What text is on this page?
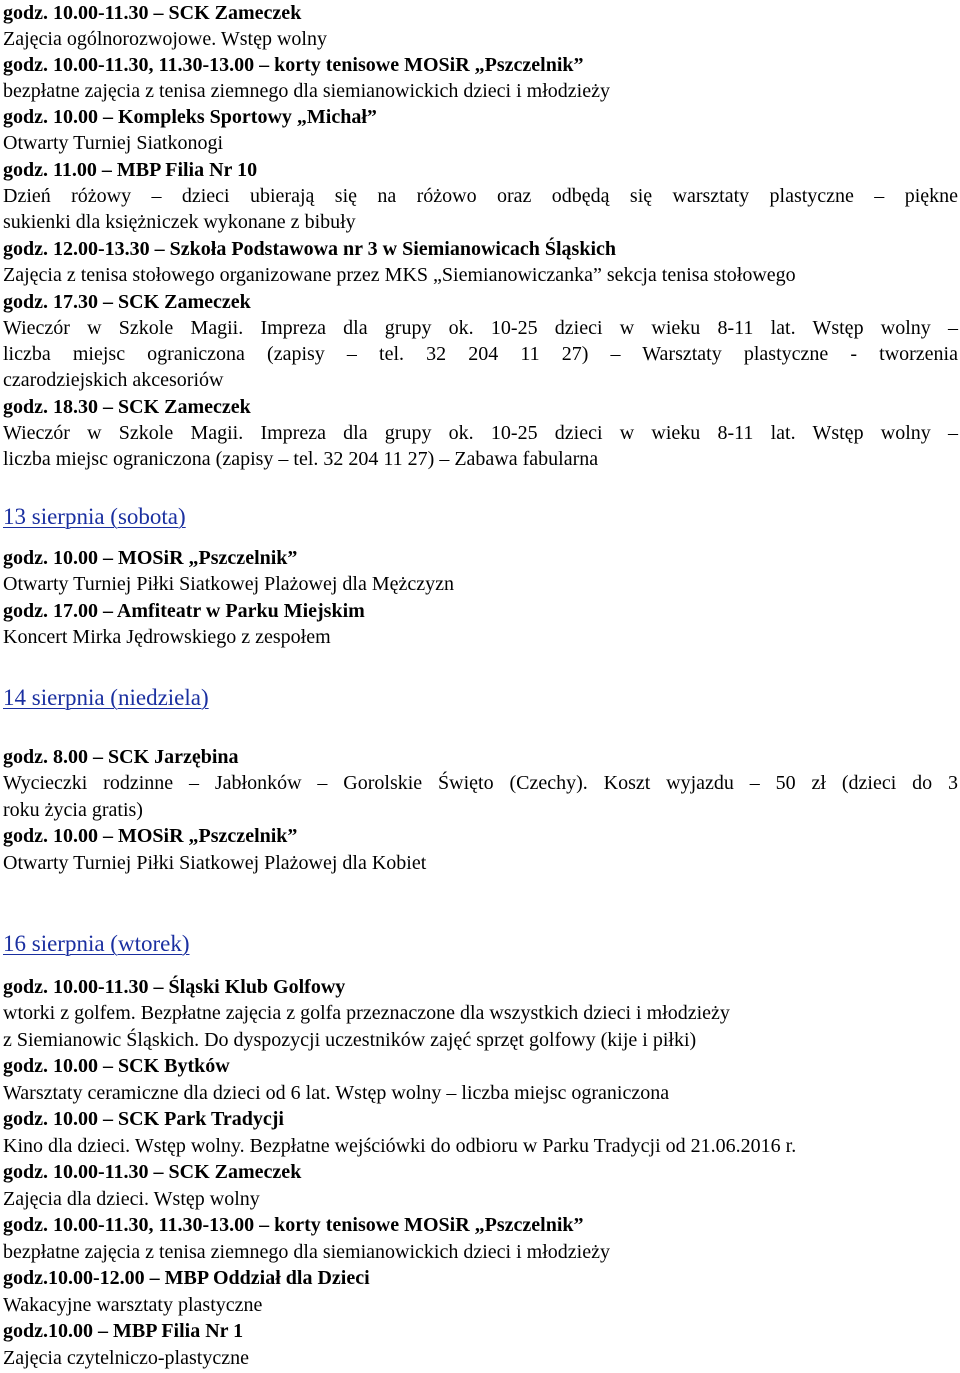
godz. 10.00-11.30 – SCK Zameczek

Zajęcia ogólnorozwojowe. Wstęp wolny

godz. 10.00-11.30, 11.30-13.00 – korty tenisowe MOSiR „Pszczelnik”

bezpłatne zajęcia z tenisa ziemnego dla siemianowickich dzieci i młodzieży

godz. 10.00 – Kompleks Sportowy „Michał”

Otwarty Turniej Siatkonogi

godz. 11.00 – MBP Filia Nr 10

Dzień różowy – dzieci ubierają się na różowo oraz odbędą się warsztaty plastyczne – piękne

sukienki dla księżniczek wykonane z bibuły

godz. 12.00-13.30 – Szkoła Podstawowa nr 3 w Siemianowicach Śląskich

Zajęcia z tenisa stołowego organizowane przez MKS „Siemianowiczanka” sekcja tenisa stołowego

godz. 17.30 – SCK Zameczek

Wieczór w Szkole Magii. Impreza dla grupy ok. 10-25 dzieci w wieku 8-11 lat. Wstęp wolny –

liczba miejsc ograniczona (zapisy – tel. 32 204 11 27) – Warsztaty plastyczne - tworzenia

czarodziejskich akcesoriów

godz. 18.30 – SCK Zameczek

Wieczór w Szkole Magii. Impreza dla grupy ok. 10-25 dzieci w wieku 8-11 lat. Wstęp wolny –

liczba miejsc ograniczona (zapisy – tel. 32 204 11 27) – Zabawa fabularna

13 sierpnia (sobota)

godz. 10.00 – MOSiR „Pszczelnik”

Otwarty Turniej Piłki Siatkowej Plażowej dla Mężczyzn

godz. 17.00 – Amfiteatr w Parku Miejskim

Koncert Mirka Jędrowskiego z zespołem

14 sierpnia (niedziela)

godz. 8.00 – SCK Jarzębina

Wycieczki rodzinne – Jabłonków – Gorolskie Święto (Czechy). Koszt wyjazdu – 50 zł (dzieci do 3

roku życia gratis)

godz. 10.00 – MOSiR „Pszczelnik”

Otwarty Turniej Piłki Siatkowej Plażowej dla Kobiet

16 sierpnia (wtorek)

godz. 10.00-11.30 – Śląski Klub Golfowy

wtorki z golfem. Bezpłatne zajęcia z golfa przeznaczone dla wszystkich dzieci i młodzieży

z Siemianowic Śląskich. Do dyspozycji uczestników zajęć sprzęt golfowy (kije i piłki)

godz. 10.00 – SCK Bytków

Warsztaty ceramiczne dla dzieci od 6 lat. Wstęp wolny – liczba miejsc ograniczona

godz. 10.00 – SCK Park Tradycji

Kino dla dzieci. Wstęp wolny. Bezpłatne wejściówki do odbioru w Parku Tradycji od 21.06.2016 r.

godz. 10.00-11.30 – SCK Zameczek

Zajęcia dla dzieci. Wstęp wolny

godz. 10.00-11.30, 11.30-13.00 – korty tenisowe MOSiR „Pszczelnik”

bezpłatne zajęcia z tenisa ziemnego dla siemianowickich dzieci i młodzieży

godz.10.00-12.00 – MBP Oddział dla Dzieci

Wakacyjne warsztaty plastyczne

godz.10.00 – MBP Filia Nr 1

Zajęcia czytelniczo-plastyczne
